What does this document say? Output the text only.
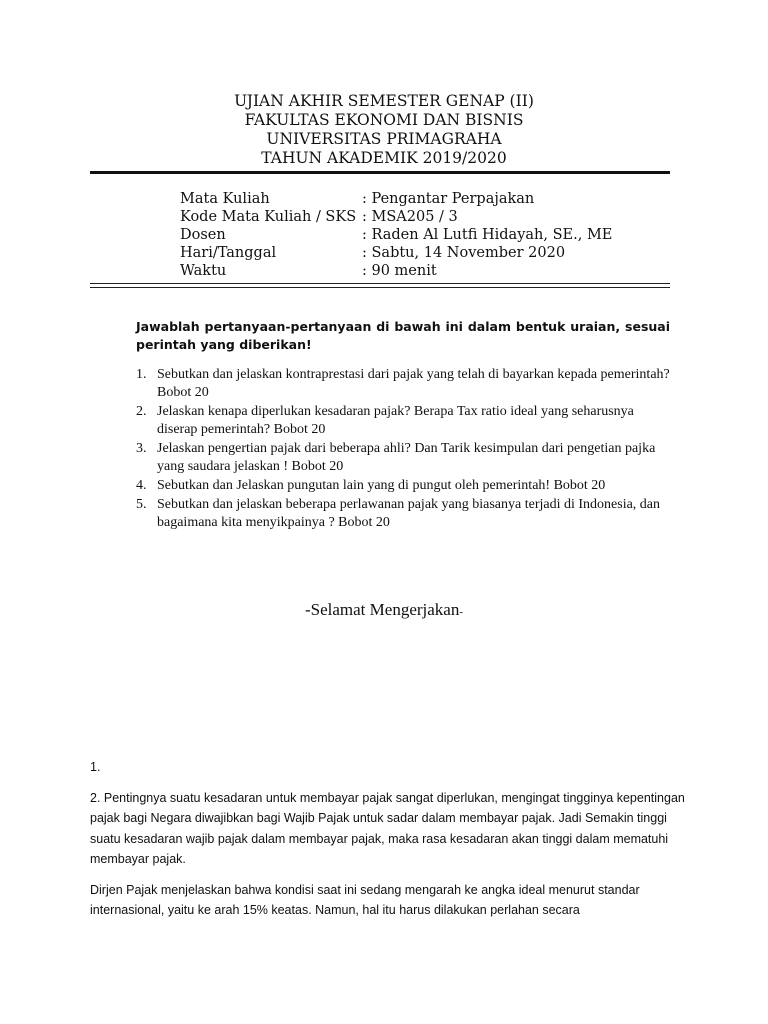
UJIAN AKHIR SEMESTER GENAP (II)
FAKULTAS EKONOMI DAN BISNIS
UNIVERSITAS PRIMAGRAHA
TAHUN AKADEMIK 2019/2020
Mata Kuliah	: Pengantar Perpajakan
Kode Mata Kuliah / SKS : MSA205 / 3
Dosen	: Raden Al Lutfi Hidayah, SE., ME
Hari/Tanggal	: Sabtu, 14 November 2020
Waktu	: 90 menit
Jawablah pertanyaan-pertanyaan di bawah ini dalam bentuk uraian, sesuai perintah yang diberikan!
1. Sebutkan dan jelaskan kontraprestasi dari pajak yang telah di bayarkan kepada pemerintah? Bobot 20
2. Jelaskan kenapa diperlukan kesadaran pajak? Berapa Tax ratio ideal yang seharusnya diserap pemerintah? Bobot 20
3. Jelaskan pengertian pajak dari beberapa ahli? Dan Tarik kesimpulan dari pengetian pajka yang saudara jelaskan ! Bobot 20
4. Sebutkan dan Jelaskan pungutan lain yang di pungut oleh pemerintah! Bobot 20
5. Sebutkan dan jelaskan beberapa perlawanan pajak yang biasanya terjadi di Indonesia, dan bagaimana kita menyikpainya ? Bobot 20
-Selamat Mengerjakan-

1.

2. Pentingnya suatu kesadaran untuk membayar pajak sangat diperlukan, mengingat tingginya kepentingan pajak bagi Negara diwajibkan bagi Wajib Pajak untuk sadar dalam membayar pajak. Jadi Semakin tinggi suatu kesadaran wajib pajak dalam membayar pajak, maka rasa kesadaran akan tinggi dalam mematuhi membayar pajak.

Dirjen Pajak menjelaskan bahwa kondisi saat ini sedang mengarah ke angka ideal menurut standar internasional, yaitu ke arah 15% keatas. Namun, hal itu harus dilakukan perlahan secara
